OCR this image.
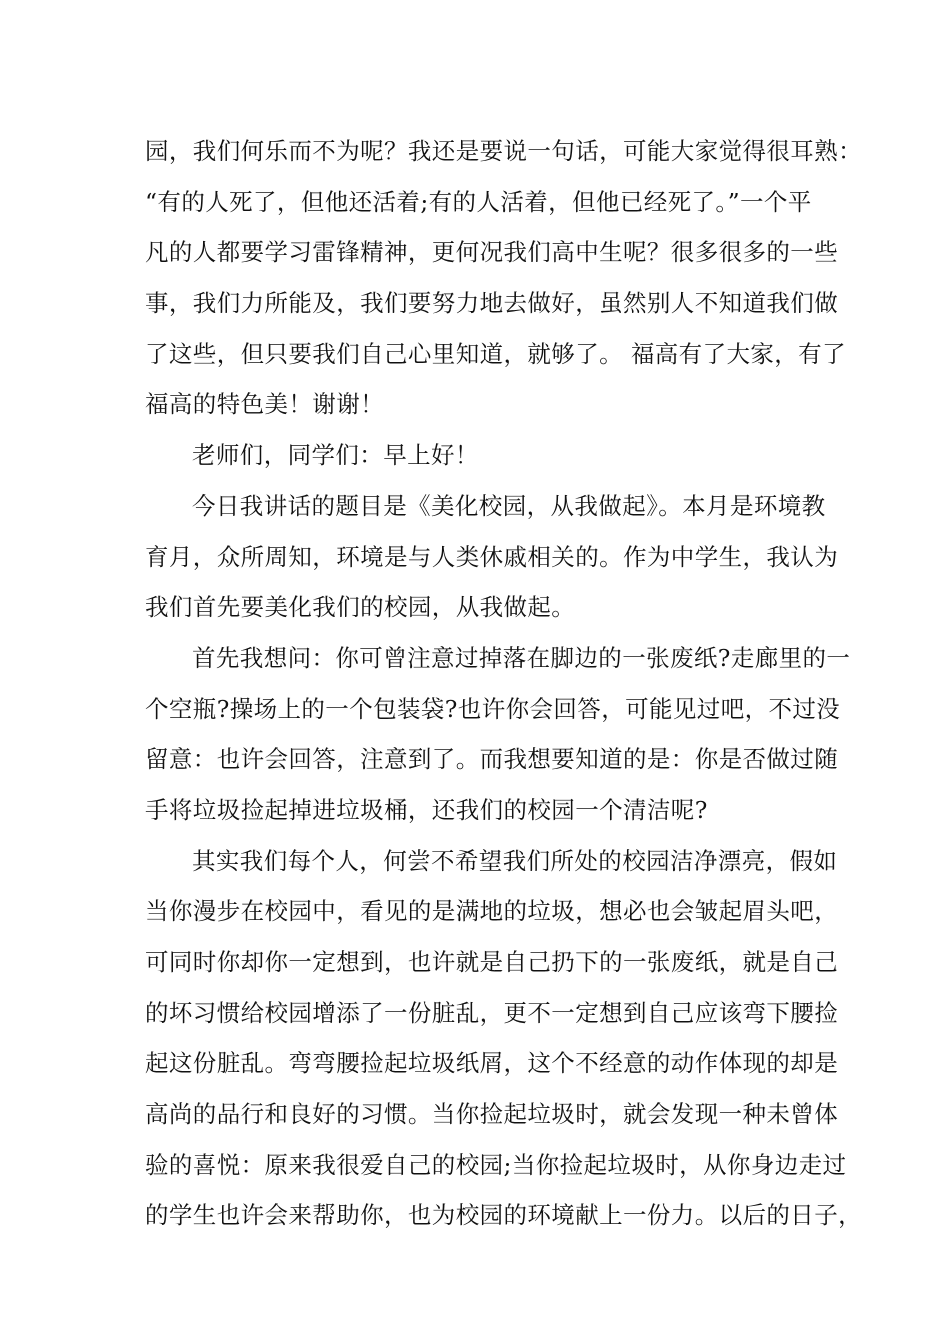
园，我们何乐而不为呢？我还是要说一句话，可能大家觉得很耳熟：
“有的人死了，但他还活着;有的人活着，但他已经死了。”一个平
凡的人都要学习雷锋精神，更何况我们高中生呢？很多很多的一些
事，我们力所能及，我们要努力地去做好，虽然别人不知道我们做
了这些，但只要我们自己心里知道，就够了。 福高有了大家，有了
福高的特色美！谢谢！
老师们，同学们：早上好！
今日我讲话的题目是《美化校园，从我做起》。本月是环境教
育月，众所周知，环境是与人类休戚相关的。作为中学生，我认为
我们首先要美化我们的校园，从我做起。
首先我想问：你可曾注意过掉落在脚边的一张废纸?走廊里的一
个空瓶?操场上的一个包装袋?也许你会回答，可能见过吧，不过没
留意：也许会回答，注意到了。而我想要知道的是：你是否做过随
手将垃圾捡起掉进垃圾桶，还我们的校园一个清洁呢?
其实我们每个人，何尝不希望我们所处的校园洁净漂亮，假如
当你漫步在校园中，看见的是满地的垃圾，想必也会皱起眉头吧，
可同时你却你一定想到，也许就是自己扔下的一张废纸，就是自己
的坏习惯给校园增添了一份脏乱，更不一定想到自己应该弯下腰捡
起这份脏乱。弯弯腰捡起垃圾纸屑，这个不经意的动作体现的却是
高尚的品行和良好的习惯。当你捡起垃圾时，就会发现一种未曾体
验的喜悦：原来我很爱自己的校园;当你捡起垃圾时，从你身边走过
的学生也许会来帮助你，也为校园的环境献上一份力。以后的日子，
